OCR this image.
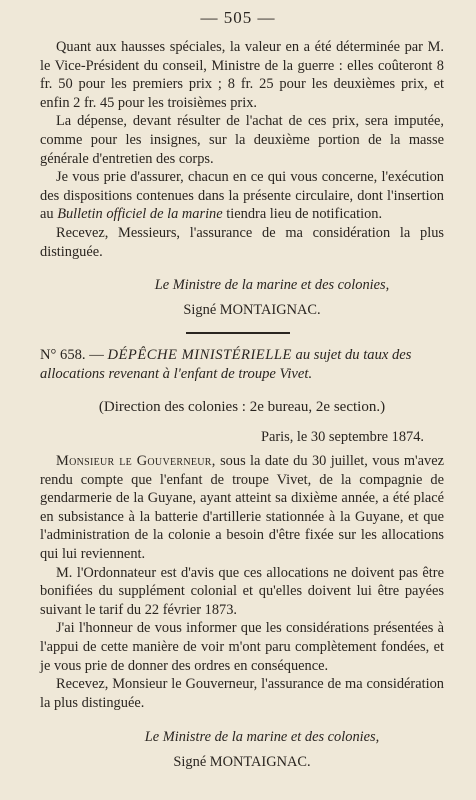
— 505 —

Quant aux hausses spéciales, la valeur en a été déterminée par M. le Vice-Président du conseil, Ministre de la guerre : elles coûteront 8 fr. 50 pour les premiers prix ; 8 fr. 25 pour les deuxièmes prix, et enfin 2 fr. 45 pour les troisièmes prix.

La dépense, devant résulter de l'achat de ces prix, sera imputée, comme pour les insignes, sur la deuxième portion de la masse générale d'entretien des corps.

Je vous prie d'assurer, chacun en ce qui vous concerne, l'exécution des dispositions contenues dans la présente circulaire, dont l'insertion au Bulletin officiel de la marine tiendra lieu de notification.

Recevez, Messieurs, l'assurance de ma considération la plus distinguée.

Le Ministre de la marine et des colonies,

Signé MONTAIGNAC.

N° 658. — DÉPÊCHE MINISTÉRIELLE au sujet du taux des allocations revenant à l'enfant de troupe Vivet.

(Direction des colonies : 2e bureau, 2e section.)

Paris, le 30 septembre 1874.

Monsieur le Gouverneur, sous la date du 30 juillet, vous m'avez rendu compte que l'enfant de troupe Vivet, de la compagnie de gendarmerie de la Guyane, ayant atteint sa dixième année, a été placé en subsistance à la batterie d'artillerie stationnée à la Guyane, et que l'administration de la colonie a besoin d'être fixée sur les allocations qui lui reviennent.

M. l'Ordonnateur est d'avis que ces allocations ne doivent pas être bonifiées du supplément colonial et qu'elles doivent lui être payées suivant le tarif du 22 février 1873.

J'ai l'honneur de vous informer que les considérations présentées à l'appui de cette manière de voir m'ont paru complètement fondées, et je vous prie de donner des ordres en conséquence.

Recevez, Monsieur le Gouverneur, l'assurance de ma considération la plus distinguée.

Le Ministre de la marine et des colonies,

Signé MONTAIGNAC.
